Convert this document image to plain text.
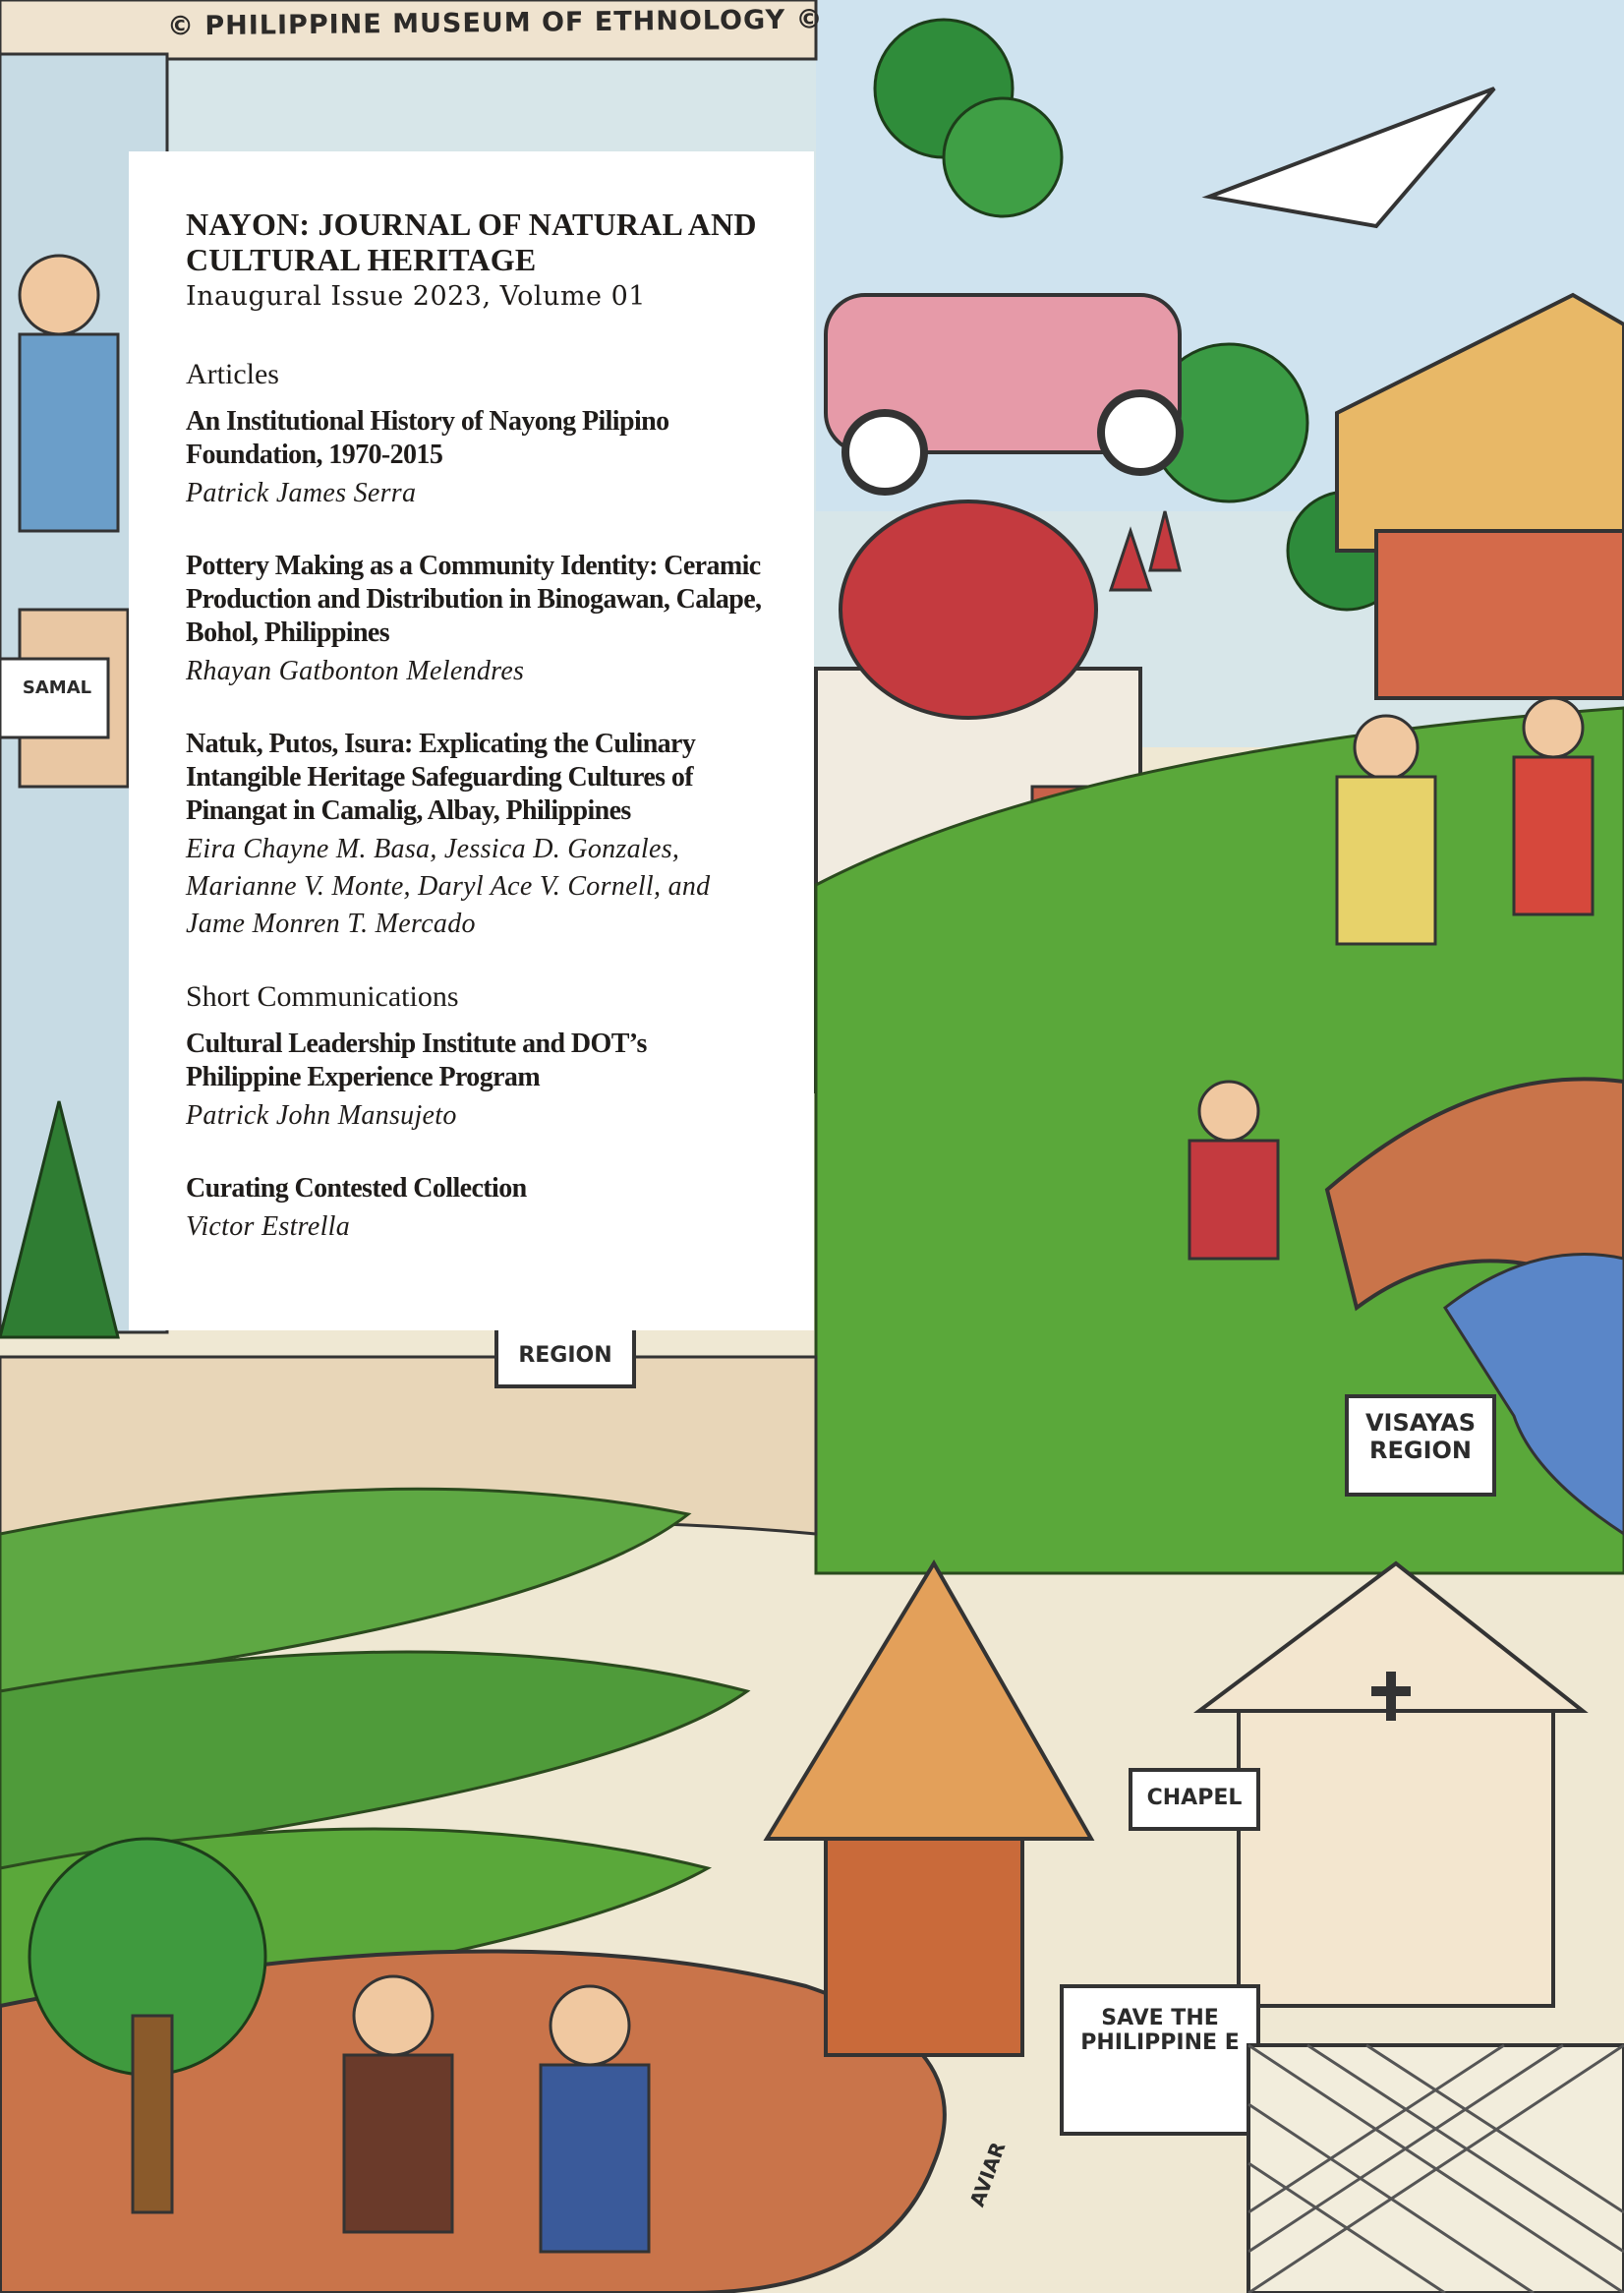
© PHILIPPINE MUSEUM OF ETHNOLOGY ©
REGION
VISAYAS REGION
CHAPEL
SAVE THE PHILIPPINE E
AVIAR
SAMAL
NAYON: JOURNAL OF NATURAL AND CULTURAL HERITAGE
Inaugural Issue 2023, Volume 01
Articles
An Institutional History of Nayong Pilipino Foundation, 1970-2015
Patrick James Serra
Pottery Making as a Community Identity: Ceramic Production and Distribution in Binogawan, Calape, Bohol, Philippines
Rhayan Gatbonton Melendres
Natuk, Putos, Isura: Explicating the Culinary Intangible Heritage Safeguarding Cultures of Pinangat in Camalig, Albay, Philippines
Eira Chayne M. Basa, Jessica D. Gonzales, Marianne V. Monte, Daryl Ace V. Cornell, and Jame Monren T. Mercado
Short Communications
Cultural Leadership Institute and DOT’s Philippine Experience Program
Patrick John Mansujeto
Curating Contested Collection
Victor Estrella
